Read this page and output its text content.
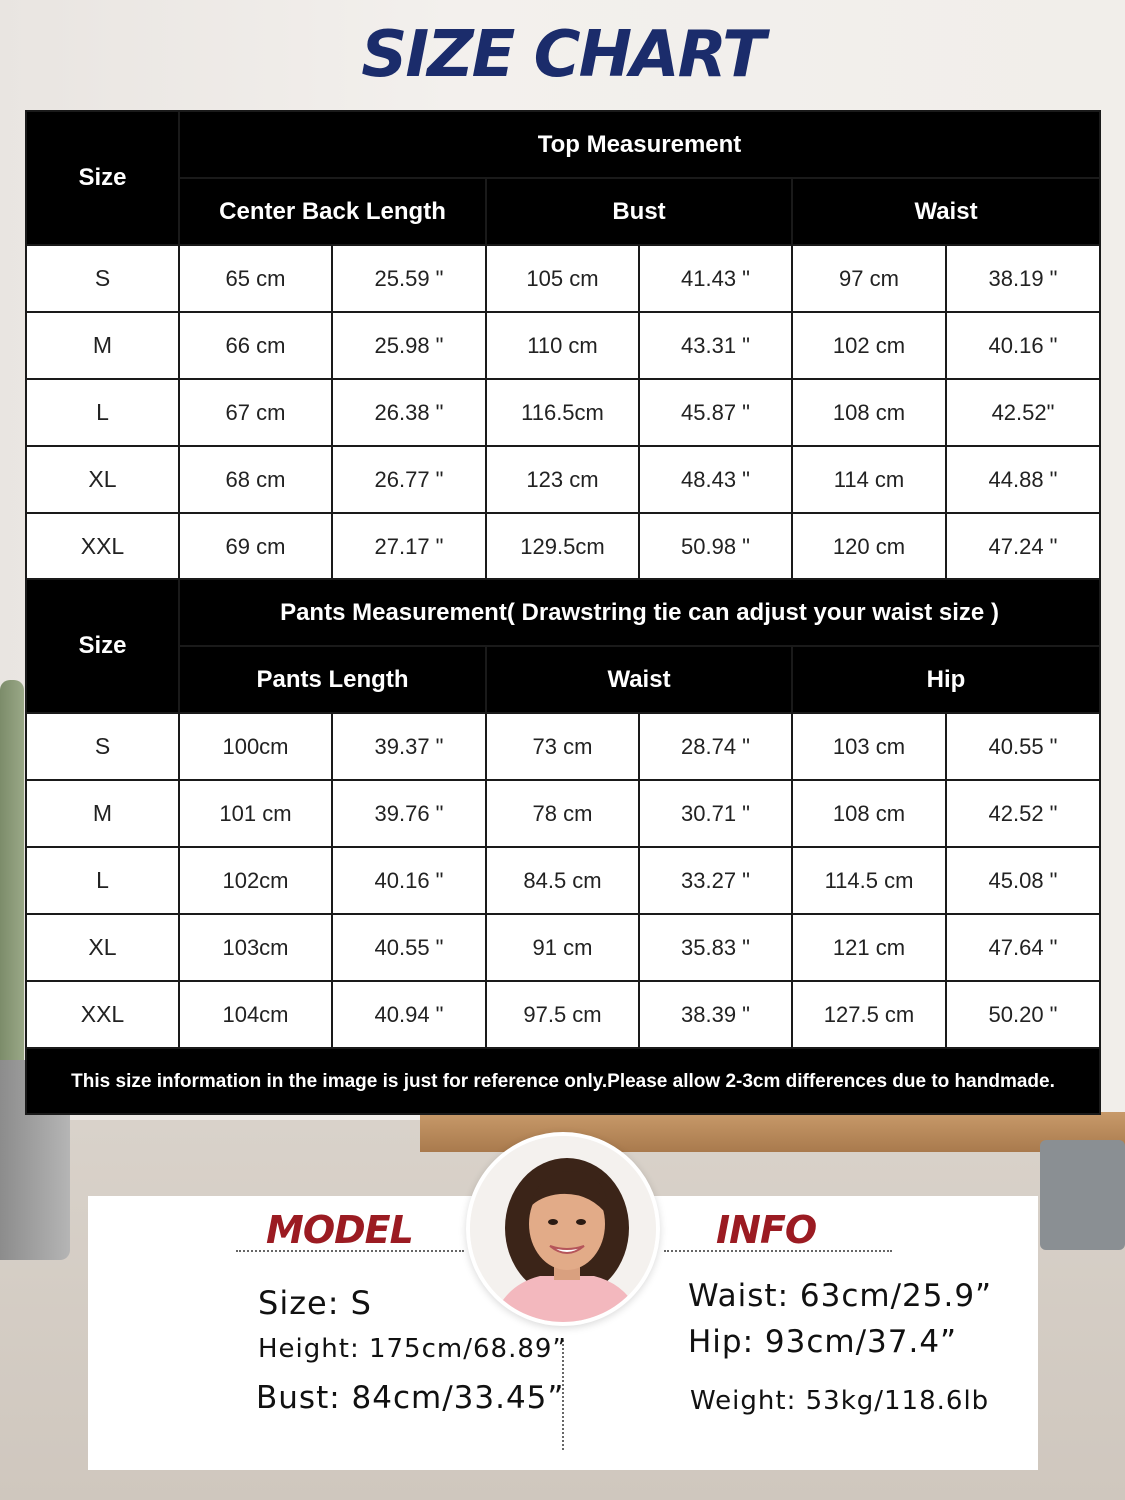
SIZE CHART
Size	Top Measurement					
	Center Back Length		Bust		Waist	
S	65 cm	25.59 "	105 cm	41.43 "	97 cm	38.19 "
M	66 cm	25.98 "	110 cm	43.31 "	102 cm	40.16 "
L	67 cm	26.38 "	116.5cm	45.87 "	108 cm	42.52"
XL	68 cm	26.77 "	123 cm	48.43 "	114 cm	44.88 "
XXL	69 cm	27.17 "	129.5cm	50.98 "	120 cm	47.24 "
Size	Pants Measurement( Drawstring tie can adjust your waist size )					
	Pants Length		Waist		Hip	
S	100cm	39.37 "	73 cm	28.74 "	103 cm	40.55 "
M	101 cm	39.76 "	78 cm	30.71 "	108 cm	42.52 "
L	102cm	40.16 "	84.5 cm	33.27 "	114.5 cm	45.08 "
XL	103cm	40.55 "	91 cm	35.83 "	121 cm	47.64 "
XXL	104cm	40.94 "	97.5 cm	38.39 "	127.5 cm	50.20 "
This size information in the image is just for reference only.Please allow 2-3cm differences due to handmade.						
MODEL	INFO
Size: S
Height: 175cm/68.89”
Bust: 84cm/33.45”
Waist: 63cm/25.9”
Hip: 93cm/37.4”
Weight: 53kg/118.6lb
